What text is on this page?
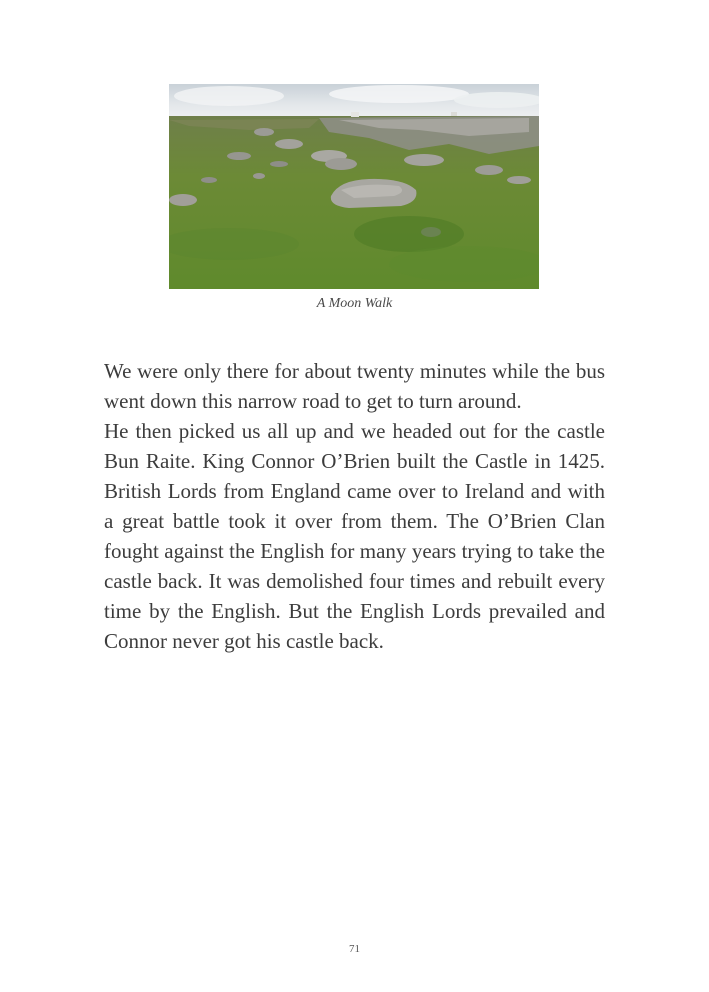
A Moon Walk

We were only there for about twenty minutes while the bus went down this narrow road to get to turn around.

He then picked us all up and we headed out for the castle Bun Raite. King Connor O’Brien built the Castle in 1425. British Lords from England came over to Ireland and with a great battle took it over from them. The O’Brien Clan fought against the English for many years trying to take the castle back. It was demolished four times and rebuilt every time by the English. But the English Lords prevailed and Connor never got his castle back.

71
